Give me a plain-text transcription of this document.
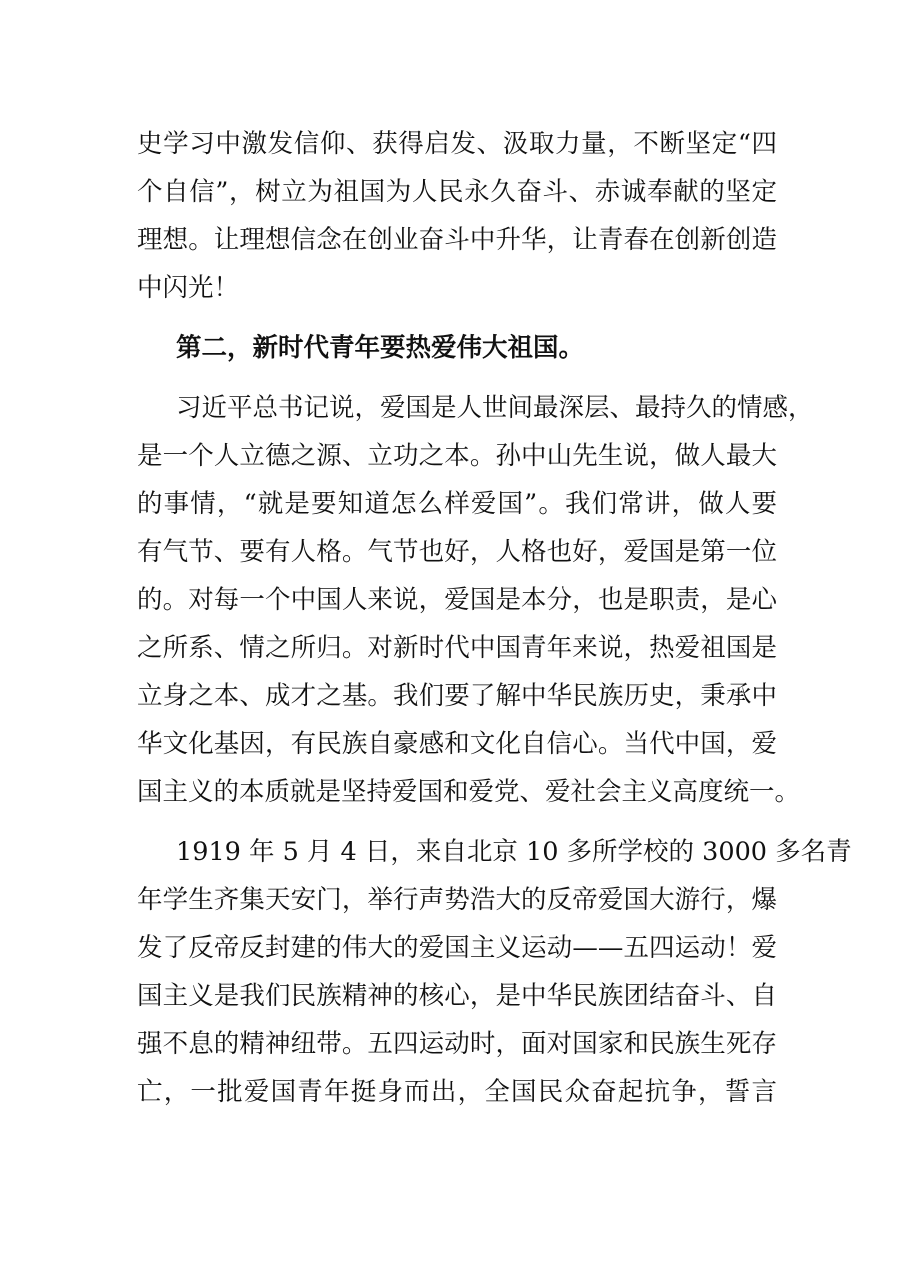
史学习中激发信仰、获得启发、汲取力量，不断坚定“四
个自信”，树立为祖国为人民永久奋斗、赤诚奉献的坚定
理想。让理想信念在创业奋斗中升华，让青春在创新创造
中闪光！
第二，新时代青年要热爱伟大祖国。
习近平总书记说，爱国是人世间最深层、最持久的情感，
是一个人立德之源、立功之本。孙中山先生说，做人最大
的事情，“就是要知道怎么样爱国”。我们常讲，做人要
有气节、要有人格。气节也好，人格也好，爱国是第一位
的。对每一个中国人来说，爱国是本分，也是职责，是心
之所系、情之所归。对新时代中国青年来说，热爱祖国是
立身之本、成才之基。我们要了解中华民族历史，秉承中
华文化基因，有民族自豪感和文化自信心。当代中国，爱
国主义的本质就是坚持爱国和爱党、爱社会主义高度统一。
1919 年 5 月 4 日，来自北京 10 多所学校的 3000 多名青
年学生齐集天安门，举行声势浩大的反帝爱国大游行，爆
发了反帝反封建的伟大的爱国主义运动——五四运动！爱
国主义是我们民族精神的核心，是中华民族团结奋斗、自
强不息的精神纽带。五四运动时，面对国家和民族生死存
亡，一批爱国青年挺身而出，全国民众奋起抗争，誓言
